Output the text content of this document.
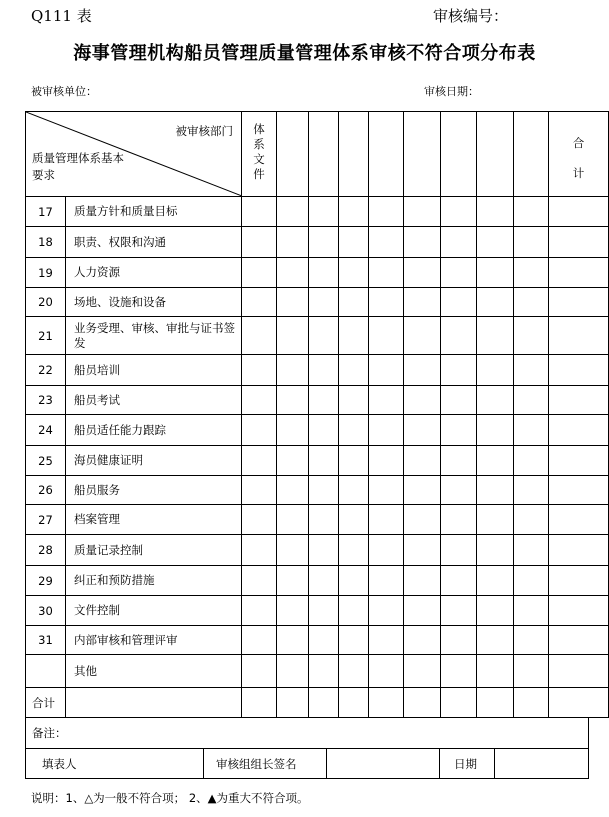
Q111 表	审核编号：
海事管理机构船员管理质量管理体系审核不符合项分布表
被审核单位：	审核日期：
被审核部门
质量管理体系基本要求		体
系
文
件									合
计
17	质量方针和质量目标										
18	职责、权限和沟通										
19	人力资源										
20	场地、设施和设备										
21	业务受理、审核、审批与证书签发										
22	船员培训										
23	船员考试										
24	船员适任能力跟踪										
25	海员健康证明										
26	船员服务										
27	档案管理										
28	质量记录控制										
29	纠正和预防措施										
30	文件控制										
31	内部审核和管理评审										
	其他										
合计											
备注：
填表人	审核组组长签名		日期	
说明：1、△为一般不符合项； 2、▲为重大不符合项。
